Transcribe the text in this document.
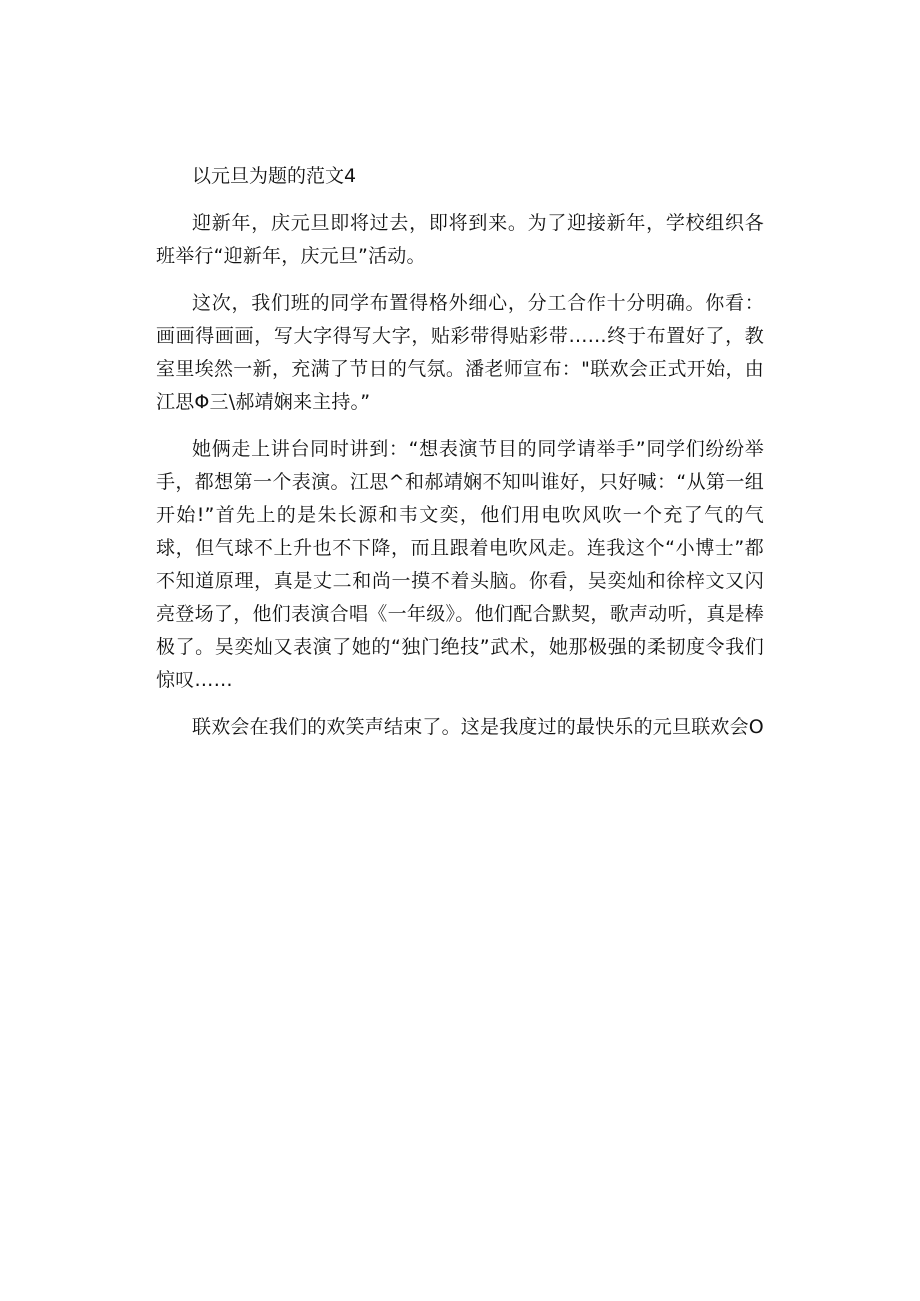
以元旦为题的范文4

迎新年，庆元旦即将过去，即将到来。为了迎接新年，学校组织各班举行“迎新年，庆元旦”活动。

这次，我们班的同学布置得格外细心，分工合作十分明确。你看：画画得画画，写大字得写大字，贴彩带得贴彩带……终于布置好了，教室里埃然一新，充满了节日的气氛。潘老师宣布："联欢会正式开始，由江思Φ三\郝靖娴来主持。”

她俩走上讲台同时讲到：“想表演节目的同学请举手”同学们纷纷举手，都想第一个表演。江思^和郝靖娴不知叫谁好，只好喊：“从第一组开始!”首先上的是朱长源和韦文奕，他们用电吹风吹一个充了气的气球，但气球不上升也不下降，而且跟着电吹风走。连我这个“小博士”都不知道原理，真是丈二和尚一摸不着头脑。你看，吴奕灿和徐梓文又闪亮登场了，他们表演合唱《一年级》。他们配合默契，歌声动听，真是棒极了。吴奕灿又表演了她的“独门绝技”武术，她那极强的柔韧度令我们惊叹……

联欢会在我们的欢笑声结束了。这是我度过的最快乐的元旦联欢会O
